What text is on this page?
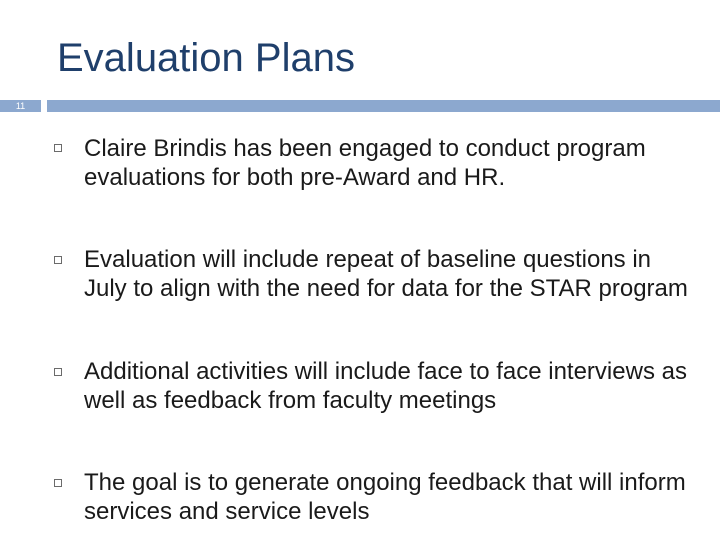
Evaluation Plans
11
Claire Brindis has been engaged to conduct program evaluations for both pre-Award and HR.
Evaluation will include repeat of baseline questions in July to align with the need for data for the STAR program
Additional activities will include face to face interviews as well as feedback from faculty meetings
The goal is to generate ongoing feedback that will inform services and service levels
